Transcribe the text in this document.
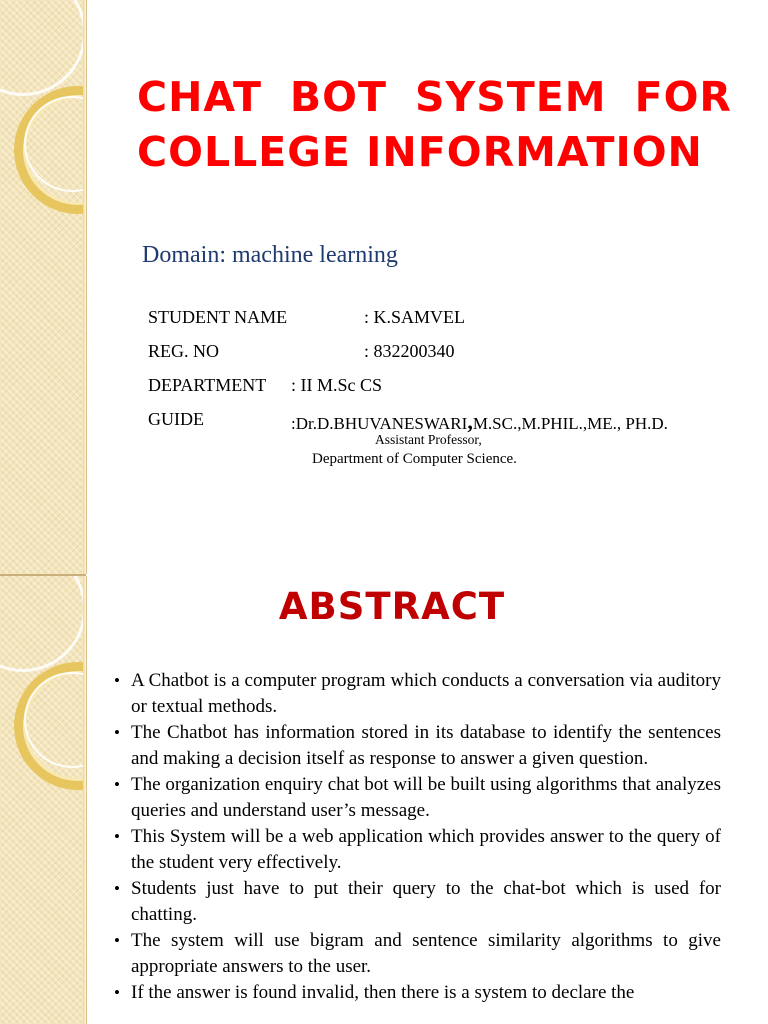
CHAT BOT SYSTEM FOR COLLEGE INFORMATION
Domain: machine learning
STUDENT NAME	: K.SAMVEL
REG. NO	: 832200340
DEPARTMENT : II M.Sc CS
GUIDE	:Dr.D.BHUVANESWARI,M.SC.,M.PHIL.,ME., PH.D.
Assistant Professor,
Department of Computer Science.
ABSTRACT
• A Chatbot is a computer program which conducts a conversation via auditory or textual methods.
• The Chatbot has information stored in its database to identify the sentences and making a decision itself as response to answer a given question.
• The organization enquiry chat bot will be built using algorithms that analyzes queries and understand user’s message.
• This System will be a web application which provides answer to the query of the student very effectively.
• Students just have to put their query to the chat-bot which is used for chatting.
• The system will use bigram and sentence similarity algorithms to give appropriate answers to the user.
• If the answer is found invalid, then there is a system to declare the
